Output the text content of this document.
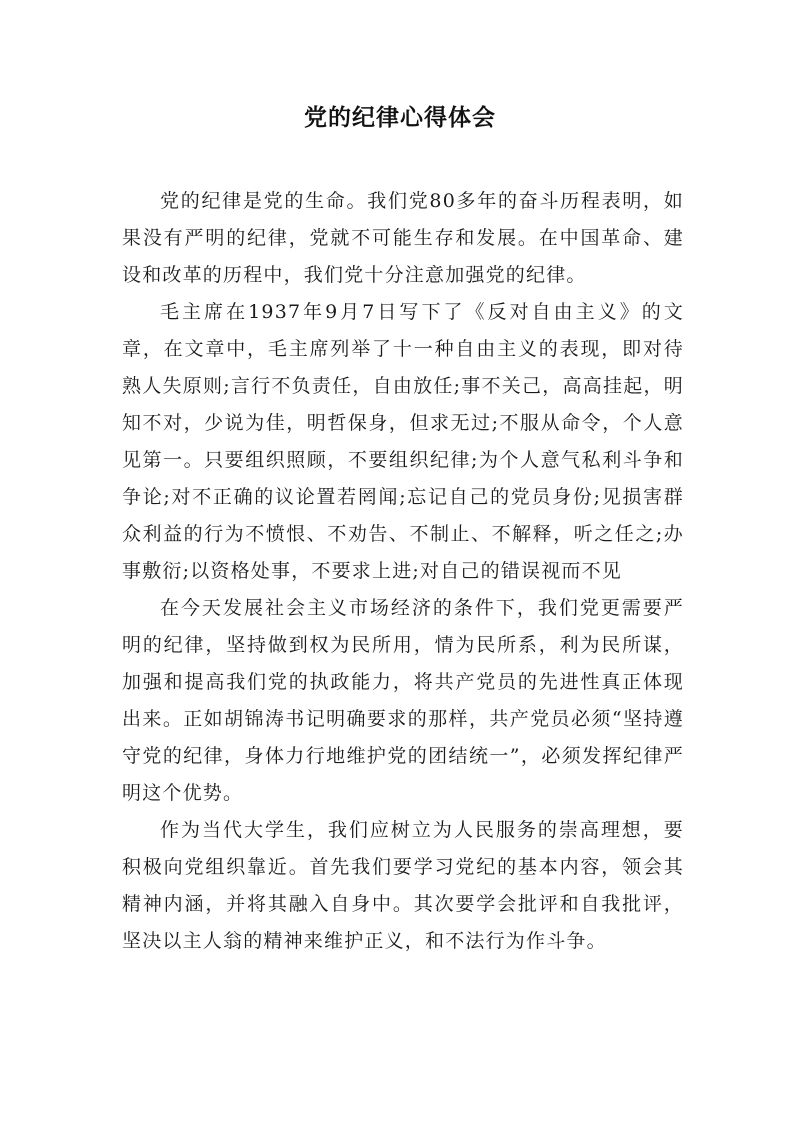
党的纪律心得体会

党的纪律是党的生命。我们党80多年的奋斗历程表明，如果没有严明的纪律，党就不可能生存和发展。在中国革命、建设和改革的历程中，我们党十分注意加强党的纪律。

毛主席在1937年9月7日写下了《反对自由主义》的文章，在文章中，毛主席列举了十一种自由主义的表现，即对待熟人失原则;言行不负责任，自由放任;事不关己，高高挂起，明知不对，少说为佳，明哲保身，但求无过;不服从命令，个人意见第一。只要组织照顾，不要组织纪律;为个人意气私利斗争和争论;对不正确的议论置若罔闻;忘记自己的党员身份;见损害群众利益的行为不愤恨、不劝告、不制止、不解释，听之任之;办事敷衍;以资格处事，不要求上进;对自己的错误视而不见

在今天发展社会主义市场经济的条件下，我们党更需要严明的纪律，坚持做到权为民所用，情为民所系，利为民所谋，加强和提高我们党的执政能力，将共产党员的先进性真正体现出来。正如胡锦涛书记明确要求的那样，共产党员必须“坚持遵守党的纪律，身体力行地维护党的团结统一”，必须发挥纪律严明这个优势。

作为当代大学生，我们应树立为人民服务的崇高理想，要积极向党组织靠近。首先我们要学习党纪的基本内容，领会其精神内涵，并将其融入自身中。其次要学会批评和自我批评，坚决以主人翁的精神来维护正义，和不法行为作斗争。
